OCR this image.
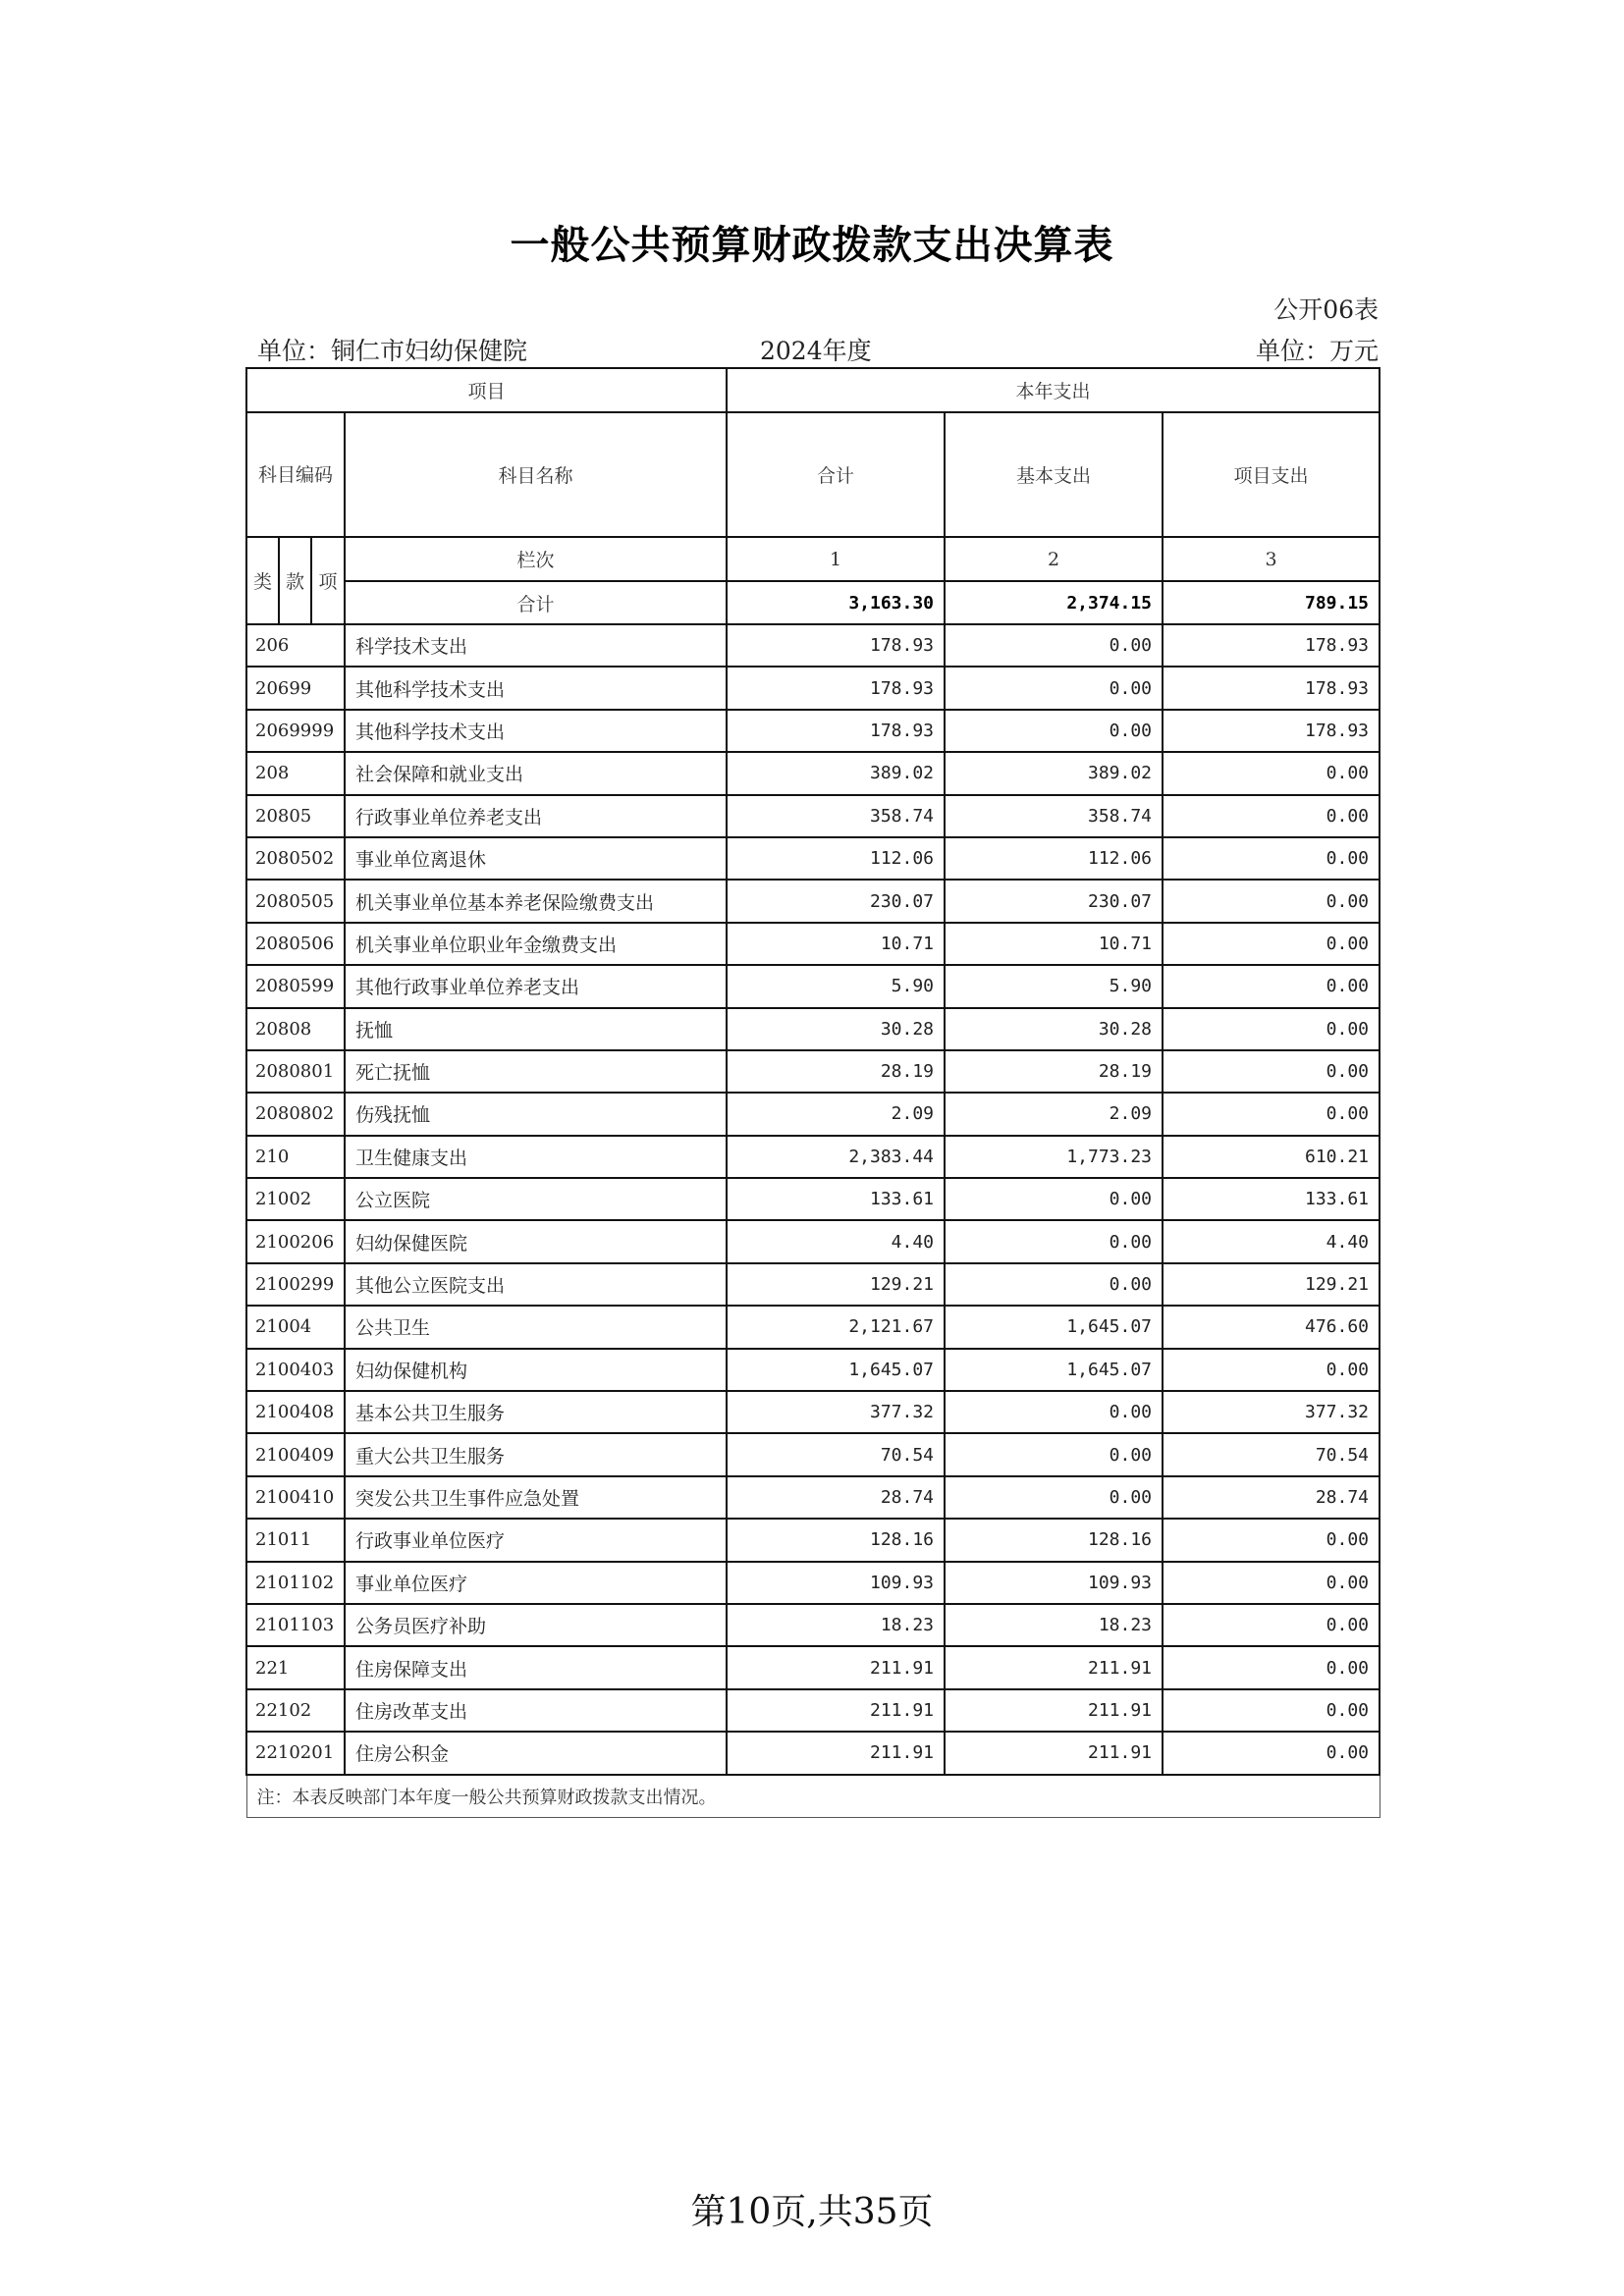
一般公共预算财政拨款支出决算表
公开06表
单位：铜仁市妇幼保健院	2024年度	单位：万元
项目				本年支出		
科目编码			科目名称	合计	基本支出	项目支出
类	款	项	栏次	1	2	3
			合计	3,163.30	2,374.15	789.15
206			科学技术支出	178.93	0.00	178.93
20699			其他科学技术支出	178.93	0.00	178.93
2069999			其他科学技术支出	178.93	0.00	178.93
208			社会保障和就业支出	389.02	389.02	0.00
20805			行政事业单位养老支出	358.74	358.74	0.00
2080502			事业单位离退休	112.06	112.06	0.00
2080505			机关事业单位基本养老保险缴费支出	230.07	230.07	0.00
2080506			机关事业单位职业年金缴费支出	10.71	10.71	0.00
2080599			其他行政事业单位养老支出	5.90	5.90	0.00
20808			抚恤	30.28	30.28	0.00
2080801			死亡抚恤	28.19	28.19	0.00
2080802			伤残抚恤	2.09	2.09	0.00
210			卫生健康支出	2,383.44	1,773.23	610.21
21002			公立医院	133.61	0.00	133.61
2100206			妇幼保健医院	4.40	0.00	4.40
2100299			其他公立医院支出	129.21	0.00	129.21
21004			公共卫生	2,121.67	1,645.07	476.60
2100403			妇幼保健机构	1,645.07	1,645.07	0.00
2100408			基本公共卫生服务	377.32	0.00	377.32
2100409			重大公共卫生服务	70.54	0.00	70.54
2100410			突发公共卫生事件应急处置	28.74	0.00	28.74
21011			行政事业单位医疗	128.16	128.16	0.00
2101102			事业单位医疗	109.93	109.93	0.00
2101103			公务员医疗补助	18.23	18.23	0.00
221			住房保障支出	211.91	211.91	0.00
22102			住房改革支出	211.91	211.91	0.00
2210201			住房公积金	211.91	211.91	0.00
注：本表反映部门本年度一般公共预算财政拨款支出情况。						
第10页,共35页
